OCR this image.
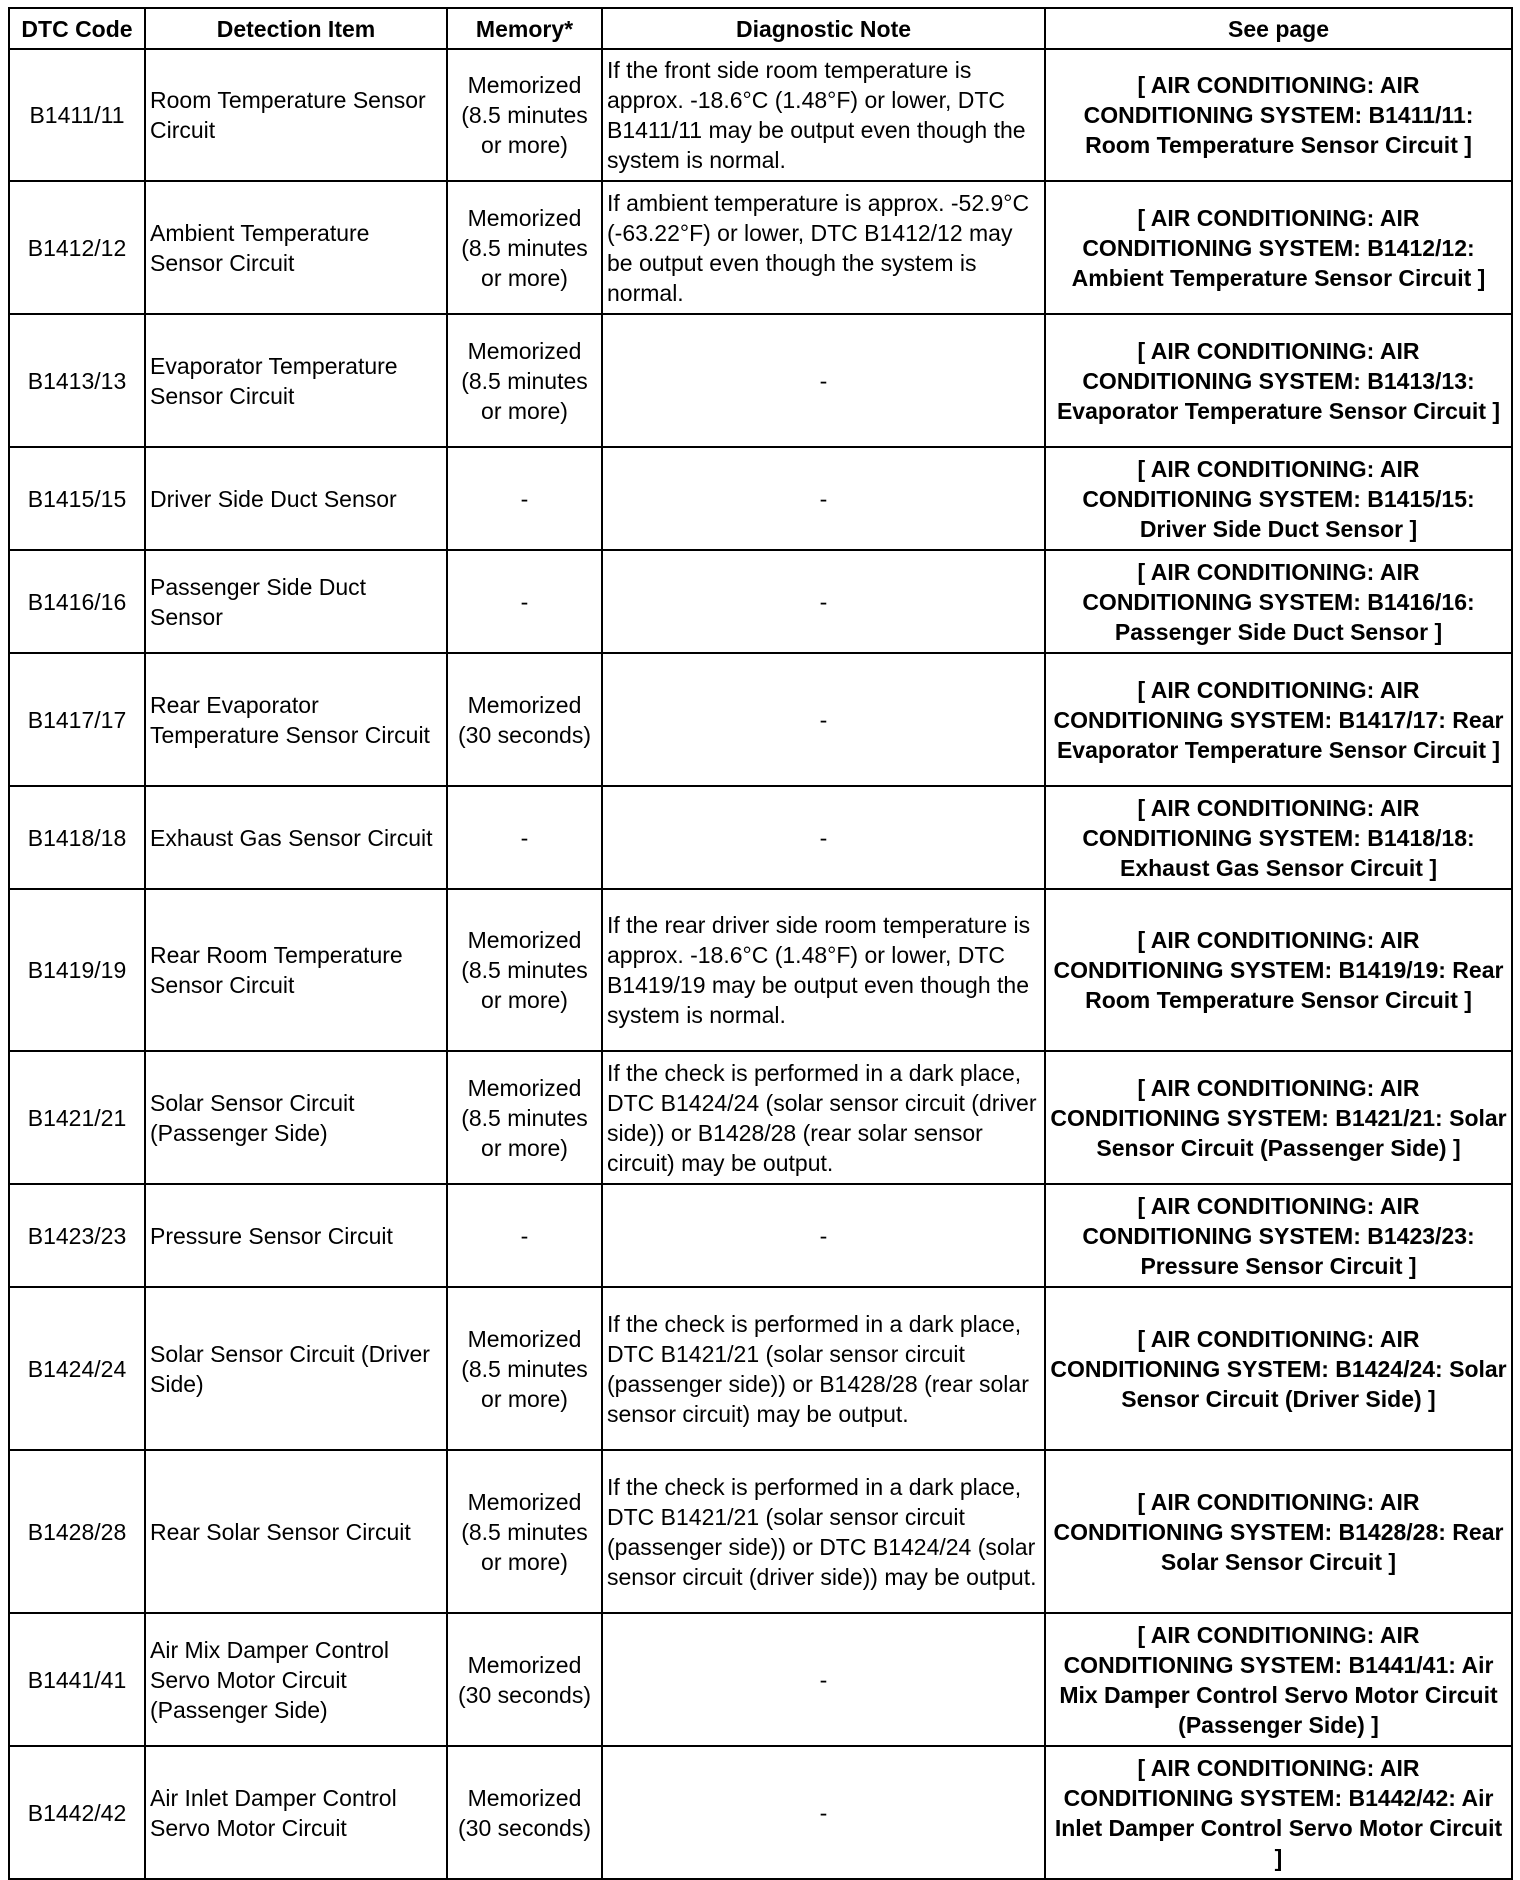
DTC Code	Detection Item	Memory*	Diagnostic Note	See page
B1411/11	Room Temperature Sensor Circuit	Memorized (8.5 minutes or more)	If the front side room temperature is approx. -18.6°C (1.48°F) or lower, DTC B1411/11 may be output even though the system is normal.	[ AIR CONDITIONING: AIR CONDITIONING SYSTEM: B1411/11: Room Temperature Sensor Circuit ]
B1412/12	Ambient Temperature Sensor Circuit	Memorized (8.5 minutes or more)	If ambient temperature is approx. -52.9°C (-63.22°F) or lower, DTC B1412/12 may be output even though the system is normal.	[ AIR CONDITIONING: AIR CONDITIONING SYSTEM: B1412/12: Ambient Temperature Sensor Circuit ]
B1413/13	Evaporator Temperature Sensor Circuit	Memorized (8.5 minutes or more)	-	[ AIR CONDITIONING: AIR CONDITIONING SYSTEM: B1413/13: Evaporator Temperature Sensor Circuit ]
B1415/15	Driver Side Duct Sensor	-	-	[ AIR CONDITIONING: AIR CONDITIONING SYSTEM: B1415/15: Driver Side Duct Sensor ]
B1416/16	Passenger Side Duct Sensor	-	-	[ AIR CONDITIONING: AIR CONDITIONING SYSTEM: B1416/16: Passenger Side Duct Sensor ]
B1417/17	Rear Evaporator Temperature Sensor Circuit	Memorized (30 seconds)	-	[ AIR CONDITIONING: AIR CONDITIONING SYSTEM: B1417/17: Rear Evaporator Temperature Sensor Circuit ]
B1418/18	Exhaust Gas Sensor Circuit	-	-	[ AIR CONDITIONING: AIR CONDITIONING SYSTEM: B1418/18: Exhaust Gas Sensor Circuit ]
B1419/19	Rear Room Temperature Sensor Circuit	Memorized (8.5 minutes or more)	If the rear driver side room temperature is approx. -18.6°C (1.48°F) or lower, DTC B1419/19 may be output even though the system is normal.	[ AIR CONDITIONING: AIR CONDITIONING SYSTEM: B1419/19: Rear Room Temperature Sensor Circuit ]
B1421/21	Solar Sensor Circuit (Passenger Side)	Memorized (8.5 minutes or more)	If the check is performed in a dark place, DTC B1424/24 (solar sensor circuit (driver side)) or B1428/28 (rear solar sensor circuit) may be output.	[ AIR CONDITIONING: AIR CONDITIONING SYSTEM: B1421/21: Solar Sensor Circuit (Passenger Side) ]
B1423/23	Pressure Sensor Circuit	-	-	[ AIR CONDITIONING: AIR CONDITIONING SYSTEM: B1423/23: Pressure Sensor Circuit ]
B1424/24	Solar Sensor Circuit (Driver Side)	Memorized (8.5 minutes or more)	If the check is performed in a dark place, DTC B1421/21 (solar sensor circuit (passenger side)) or B1428/28 (rear solar sensor circuit) may be output.	[ AIR CONDITIONING: AIR CONDITIONING SYSTEM: B1424/24: Solar Sensor Circuit (Driver Side) ]
B1428/28	Rear Solar Sensor Circuit	Memorized (8.5 minutes or more)	If the check is performed in a dark place, DTC B1421/21 (solar sensor circuit (passenger side)) or DTC B1424/24 (solar sensor circuit (driver side)) may be output.	[ AIR CONDITIONING: AIR CONDITIONING SYSTEM: B1428/28: Rear Solar Sensor Circuit ]
B1441/41	Air Mix Damper Control Servo Motor Circuit (Passenger Side)	Memorized (30 seconds)	-	[ AIR CONDITIONING: AIR CONDITIONING SYSTEM: B1441/41: Air Mix Damper Control Servo Motor Circuit (Passenger Side) ]
B1442/42	Air Inlet Damper Control Servo Motor Circuit	Memorized (30 seconds)	-	[ AIR CONDITIONING: AIR CONDITIONING SYSTEM: B1442/42: Air Inlet Damper Control Servo Motor Circuit ]
